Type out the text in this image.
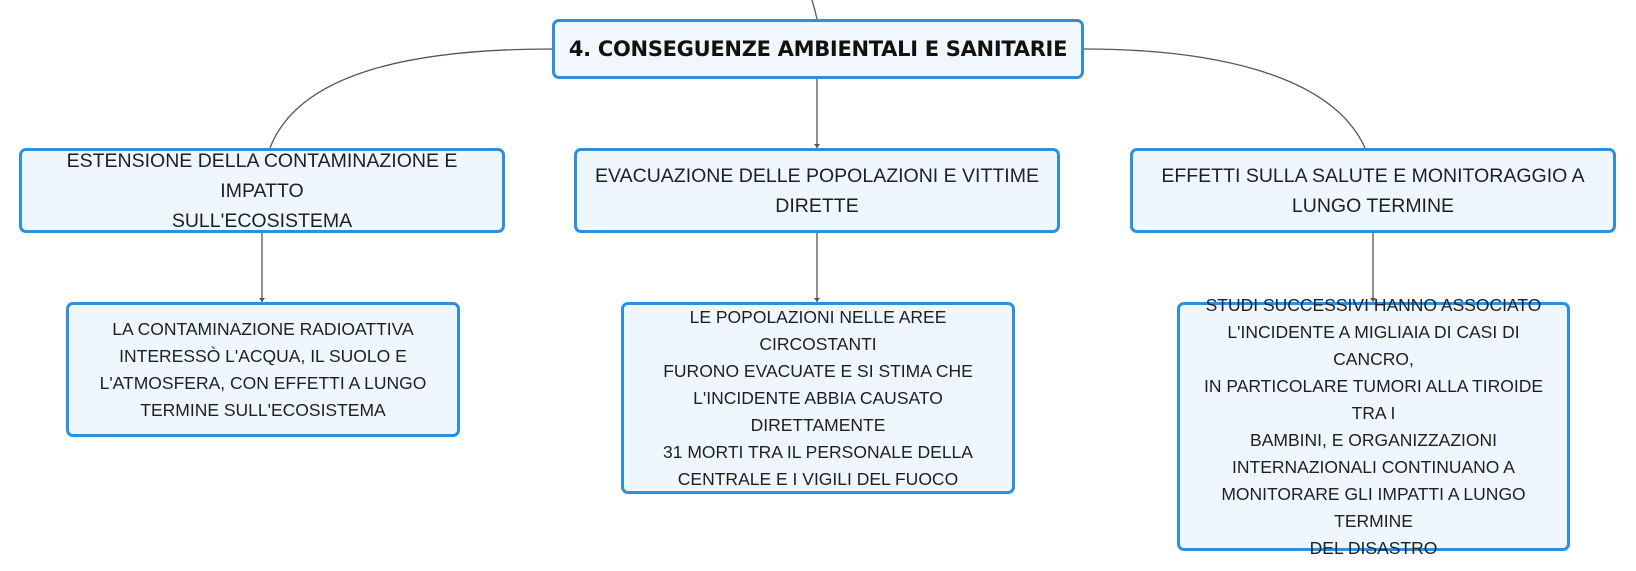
4. CONSEGUENZE AMBIENTALI E SANITARIE
ESTENSIONE DELLA CONTAMINAZIONE E IMPATTO
SULL'ECOSISTEMA
EVACUAZIONE DELLE POPOLAZIONI E VITTIME
DIRETTE
EFFETTI SULLA SALUTE E MONITORAGGIO A
LUNGO TERMINE
LA CONTAMINAZIONE RADIOATTIVA
INTERESSÒ L'ACQUA, IL SUOLO E
L'ATMOSFERA, CON EFFETTI A LUNGO
TERMINE SULL'ECOSISTEMA
LE POPOLAZIONI NELLE AREE CIRCOSTANTI
FURONO EVACUATE E SI STIMA CHE
L'INCIDENTE ABBIA CAUSATO DIRETTAMENTE
31 MORTI TRA IL PERSONALE DELLA
CENTRALE E I VIGILI DEL FUOCO
STUDI SUCCESSIVI HANNO ASSOCIATO
L'INCIDENTE A MIGLIAIA DI CASI DI CANCRO,
IN PARTICOLARE TUMORI ALLA TIROIDE TRA I
BAMBINI, E ORGANIZZAZIONI
INTERNAZIONALI CONTINUANO A
MONITORARE GLI IMPATTI A LUNGO TERMINE
DEL DISASTRO
